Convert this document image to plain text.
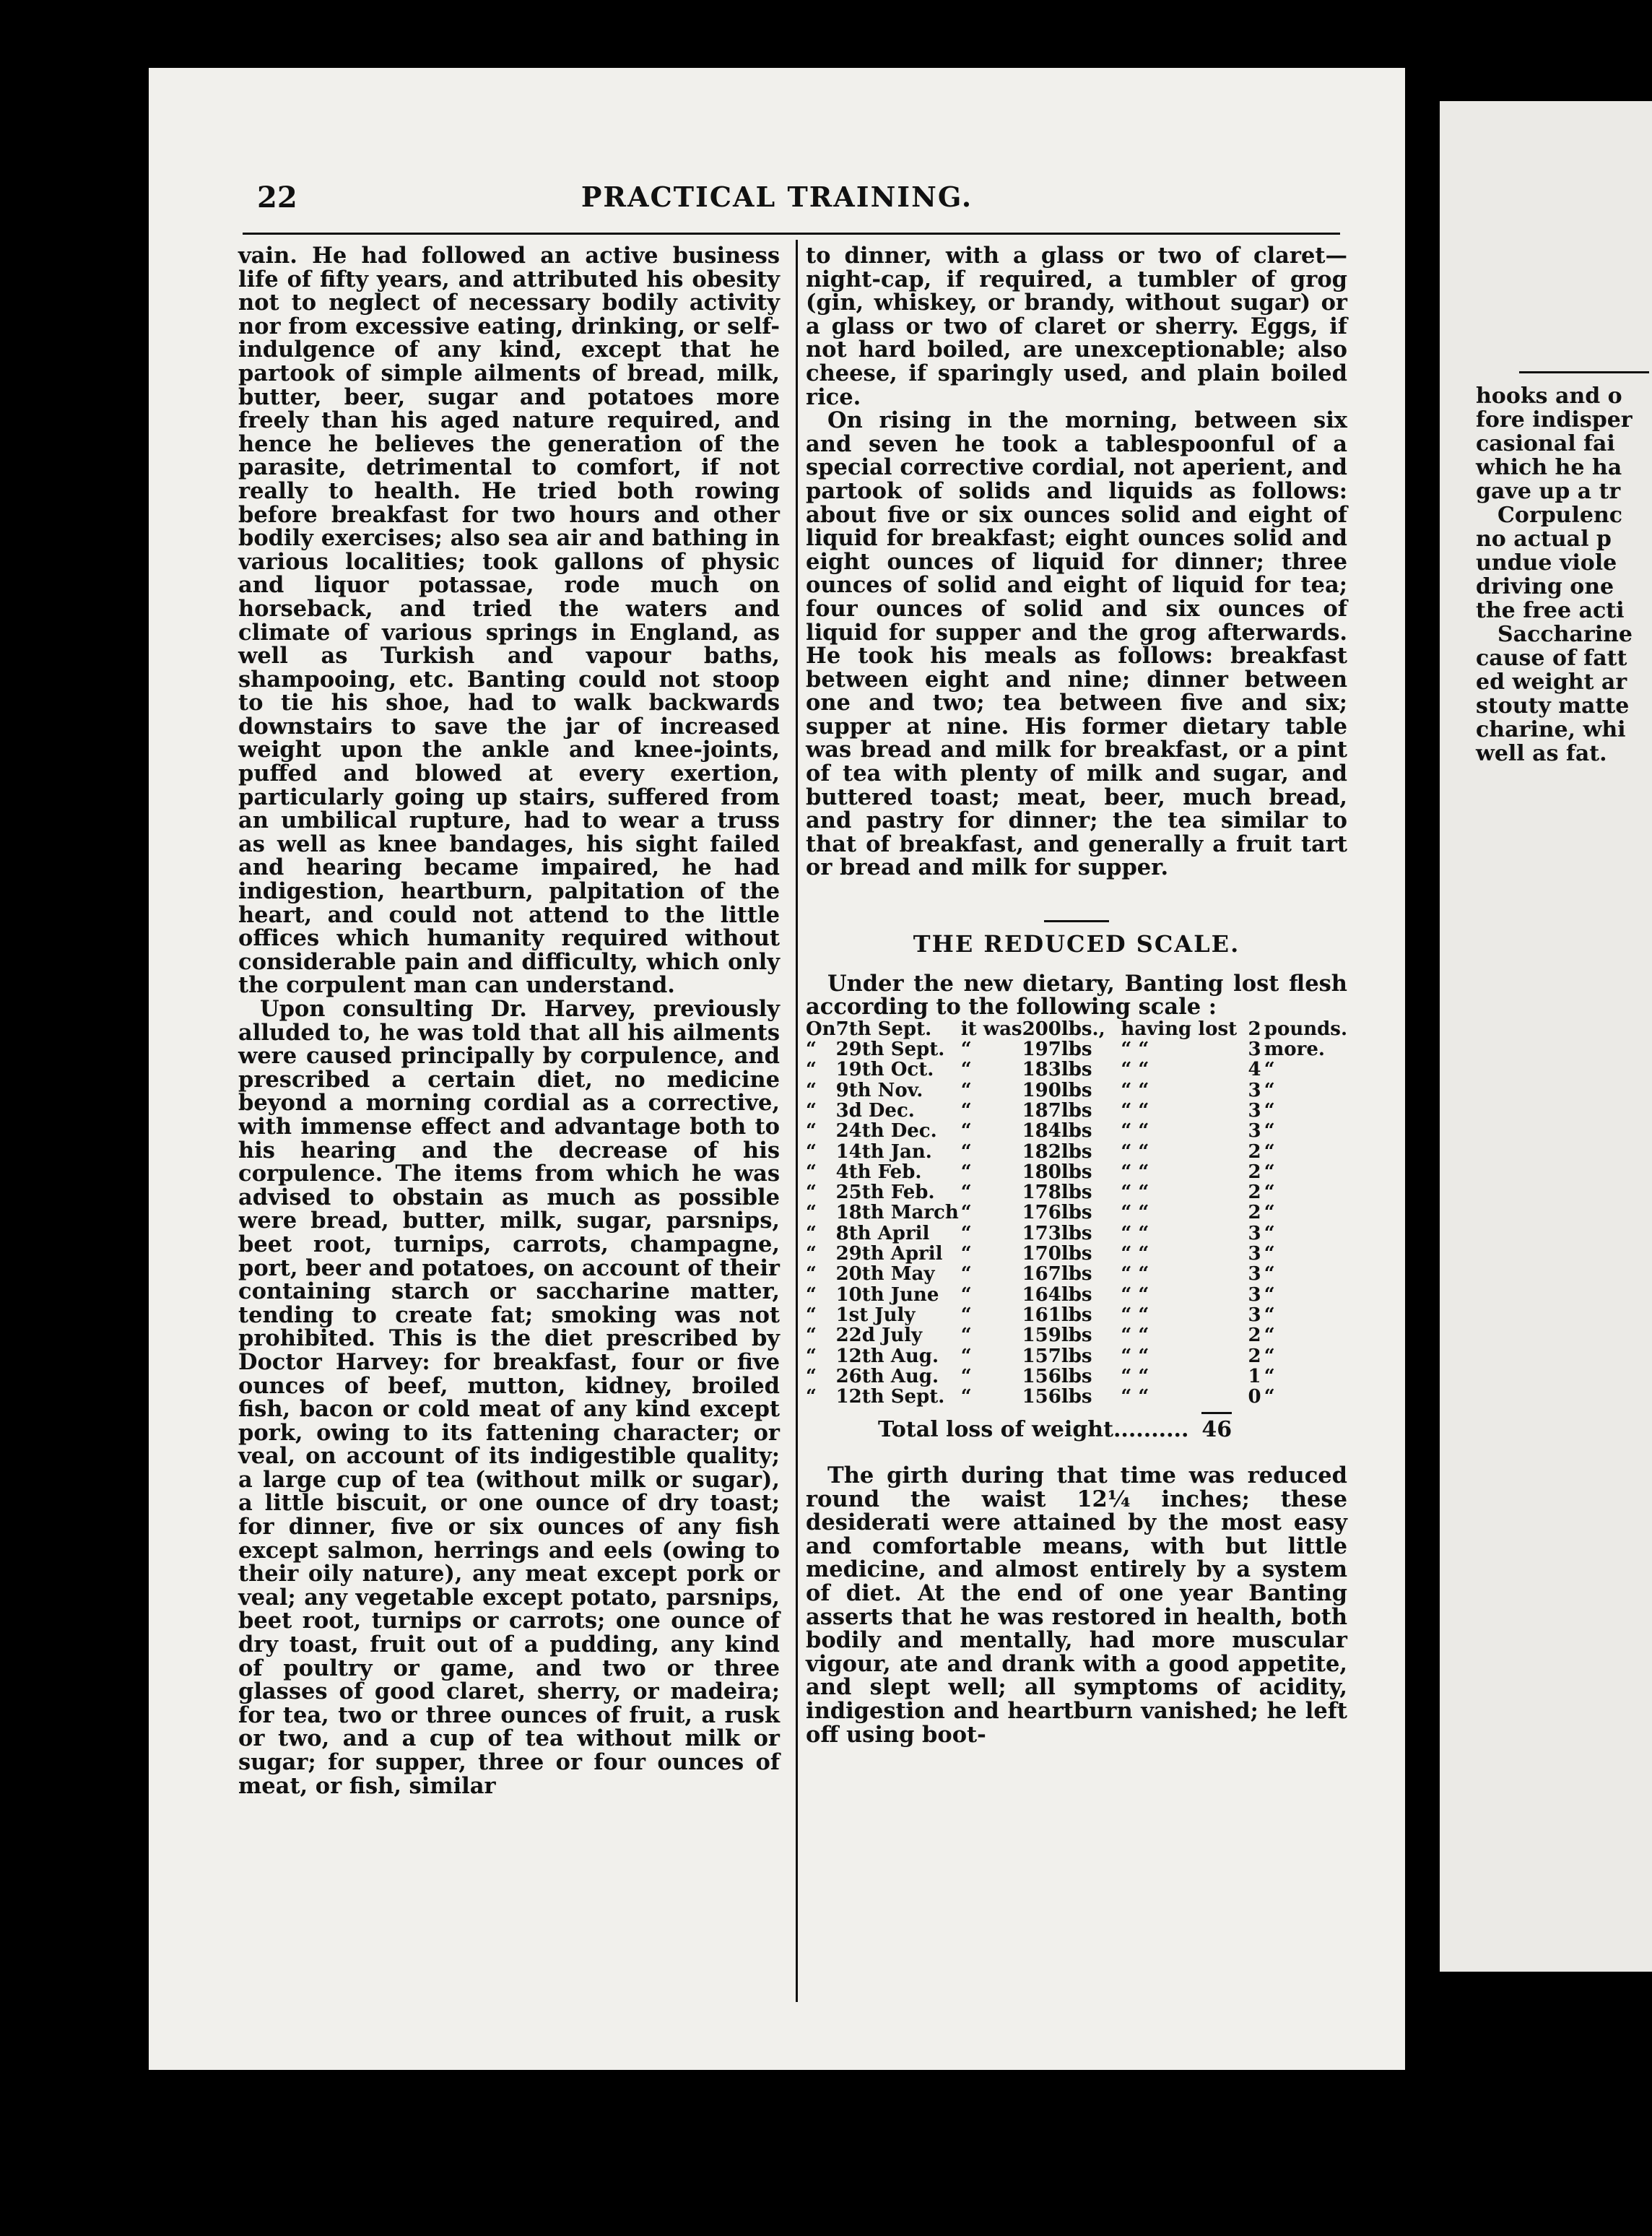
22	PRACTICAL TRAINING.

vain. He had followed an active business life of fifty years, and attributed his obesity not to neglect of necessary bodily activity nor from excessive eating, drinking, or self-indulgence of any kind, except that he partook of simple ailments of bread, milk, butter, beer, sugar and potatoes more freely than his aged nature required, and hence he believes the generation of the parasite, detrimental to comfort, if not really to health. He tried both rowing before breakfast for two hours and other bodily exercises; also sea air and bathing in various localities; took gallons of physic and liquor potassae, rode much on horseback, and tried the waters and climate of various springs in England, as well as Turkish and vapour baths, shampooing, etc. Banting could not stoop to tie his shoe, had to walk backwards downstairs to save the jar of increased weight upon the ankle and knee-joints, puffed and blowed at every exertion, particularly going up stairs, suffered from an umbilical rupture, had to wear a truss as well as knee bandages, his sight failed and hearing became impaired, he had indigestion, heartburn, palpitation of the heart, and could not attend to the little offices which humanity required without considerable pain and difficulty, which only the corpulent man can understand.

Upon consulting Dr. Harvey, previously alluded to, he was told that all his ailments were caused principally by corpulence, and prescribed a certain diet, no medicine beyond a morning cordial as a corrective, with immense effect and advantage both to his hearing and the decrease of his corpulence. The items from which he was advised to obstain as much as possible were bread, butter, milk, sugar, parsnips, beet root, turnips, carrots, champagne, port, beer and potatoes, on account of their containing starch or saccharine matter, tending to create fat; smoking was not prohibited. This is the diet prescribed by Doctor Harvey: for breakfast, four or five ounces of beef, mutton, kidney, broiled fish, bacon or cold meat of any kind except pork, owing to its fattening character; or veal, on account of its indigestible quality; a large cup of tea (without milk or sugar), a little biscuit, or one ounce of dry toast; for dinner, five or six ounces of any fish except salmon, herrings and eels (owing to their oily nature), any meat except pork or veal; any vegetable except potato, parsnips, beet root, turnips or carrots; one ounce of dry toast, fruit out of a pudding, any kind of poultry or game, and two or three glasses of good claret, sherry, or madeira; for tea, two or three ounces of fruit, a rusk or two, and a cup of tea without milk or sugar; for supper, three or four ounces of meat, or fish, similar

to dinner, with a glass or two of claret—night-cap, if required, a tumbler of grog (gin, whiskey, or brandy, without sugar) or a glass or two of claret or sherry. Eggs, if not hard boiled, are unexceptionable; also cheese, if sparingly used, and plain boiled rice.

On rising in the morning, between six and seven he took a tablespoonful of a special corrective cordial, not aperient, and partook of solids and liquids as follows: about five or six ounces solid and eight of liquid for breakfast; eight ounces solid and eight ounces of liquid for dinner; three ounces of solid and eight of liquid for tea; four ounces of solid and six ounces of liquid for supper and the grog afterwards. He took his meals as follows: breakfast between eight and nine; dinner between one and two; tea between five and six; supper at nine. His former dietary table was bread and milk for breakfast, or a pint of tea with plenty of milk and sugar, and buttered toast; meat, beer, much bread, and pastry for dinner; the tea similar to that of breakfast, and generally a fruit tart or bread and milk for supper.

THE REDUCED SCALE.

Under the new dietary, Banting lost flesh according to the following scale :

On	7th Sept.	it was	200lbs.,	having lost	2	pounds.
“	29th Sept.	“	197lbs	“ “	3	more.
“	19th Oct.	“	183lbs	“ “	4	“
“	9th Nov.	“	190lbs	“ “	3	“
“	3d Dec.	“	187lbs	“ “	3	“
“	24th Dec.	“	184lbs	“ “	3	“
“	14th Jan.	“	182lbs	“ “	2	“
“	4th Feb.	“	180lbs	“ “	2	“
“	25th Feb.	“	178lbs	“ “	2	“
“	18th March	“	176lbs	“ “	2	“
“	8th April	“	173lbs	“ “	3	“
“	29th April	“	170lbs	“ “	3	“
“	20th May	“	167lbs	“ “	3	“
“	10th June	“	164lbs	“ “	3	“
“	1st July	“	161lbs	“ “	3	“
“	22d July	“	159lbs	“ “	2	“
“	12th Aug.	“	157lbs	“ “	2	“
“	26th Aug.	“	156lbs	“ “	1	“
“	12th Sept.	“	156lbs	“ “	0	“
Total loss of weight.......... 46

The girth during that time was reduced round the waist 12¼ inches; these desiderati were attained by the most easy and comfortable means, with but little medicine, and almost entirely by a system of diet. At the end of one year Banting asserts that he was restored in health, both bodily and mentally, had more muscular vigour, ate and drank with a good appetite, and slept well; all symptoms of acidity, indigestion and heartburn vanished; he left off using boot-

hooks and o
fore indisper
casional fai
which he ha
gave up a tr
Corpulenc
no actual p
undue viole
driving one
the free acti
Saccharine
cause of fatt
ed weight ar
stouty matte
charine, whi
well as fat.
